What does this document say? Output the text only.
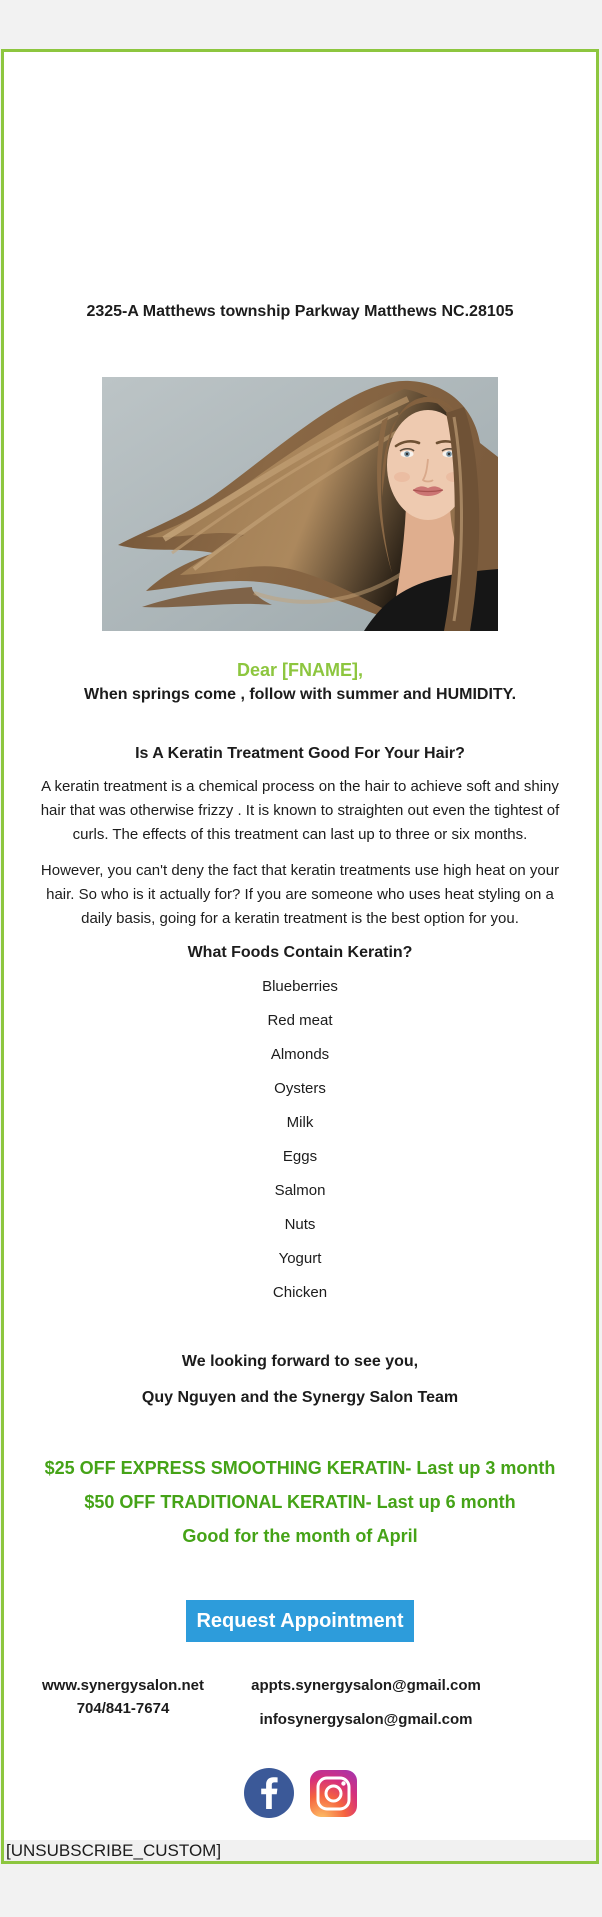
2325-A Matthews township Parkway Matthews NC.28105
Dear [FNAME],
When springs come , follow with summer and HUMIDITY.
Is A Keratin Treatment Good For Your Hair?
A keratin treatment is a chemical process on the hair to achieve soft and shiny
hair that was otherwise frizzy . It is known to straighten out even the tightest of
curls. The effects of this treatment can last up to three or six months.
However, you can't deny the fact that keratin treatments use high heat on your
hair. So who is it actually for? If you are someone who uses heat styling on a
daily basis, going for a keratin treatment is the best option for you.
What Foods Contain Keratin?
Blueberries
Red meat
Almonds
Oysters
Milk
Eggs
Salmon
Nuts
Yogurt
Chicken
We looking forward to see you,
Quy Nguyen and the Synergy Salon Team
$25 OFF EXPRESS SMOOTHING KERATIN- Last up 3 month
$50 OFF TRADITIONAL KERATIN- Last up 6 month
Good for the month of April
Request Appointment
www.synergysalon.net
704/841-7674
appts.synergysalon@gmail.com
infosynergysalon@gmail.com
[UNSUBSCRIBE_CUSTOM]
